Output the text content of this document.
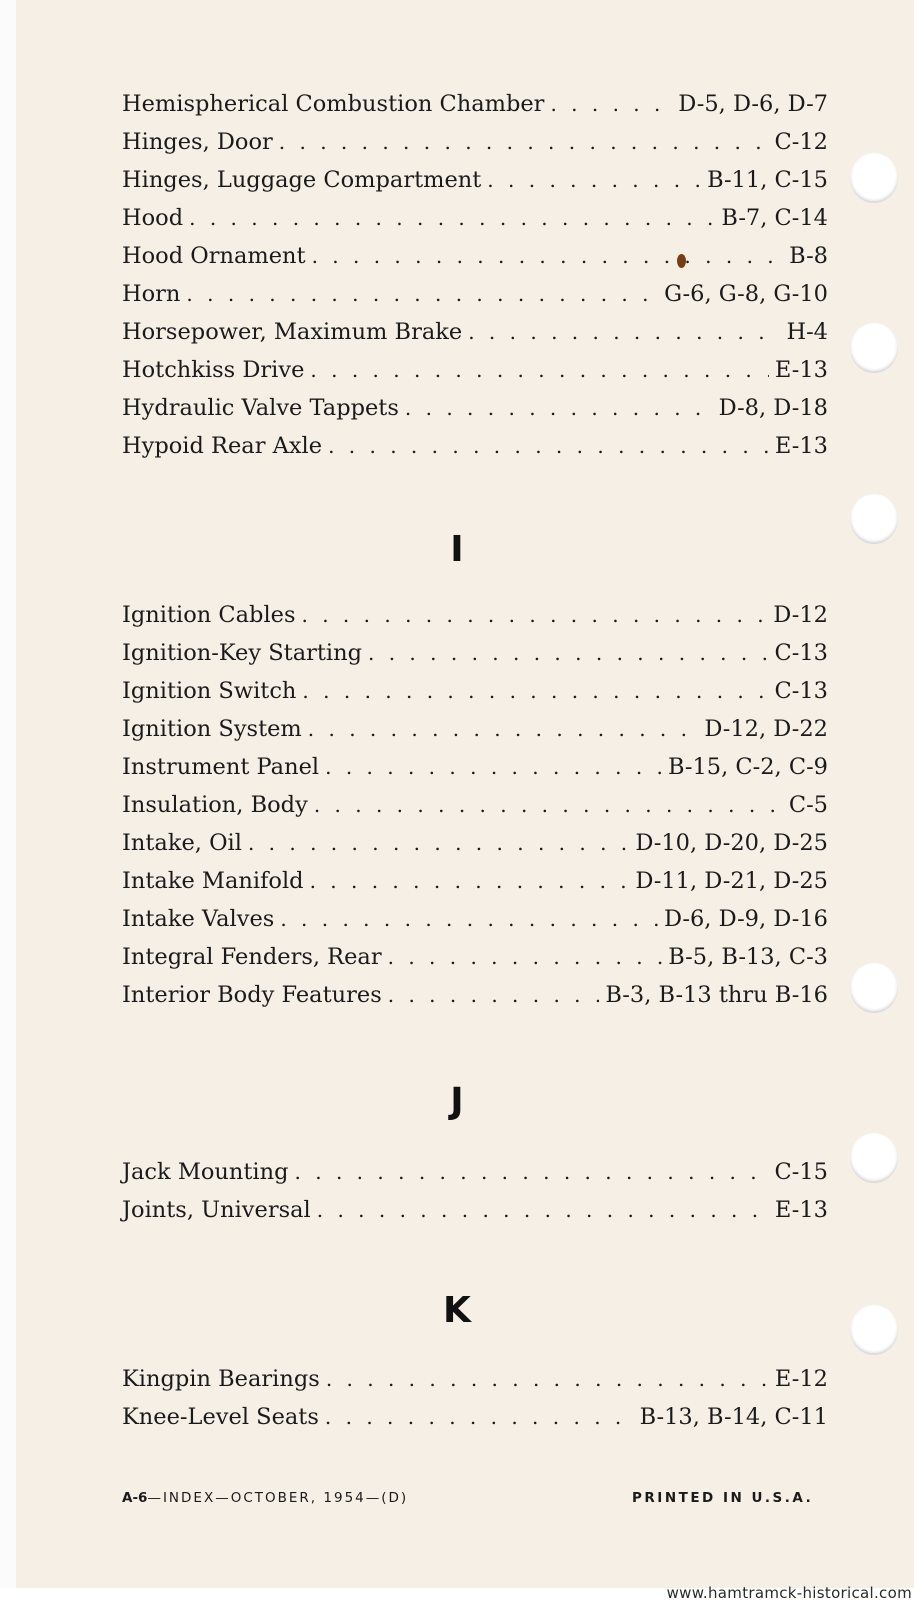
Hemispherical Combustion Chamber . . .	D-5, D-6, D-7
Hinges, Door . . .	C-12
Hinges, Luggage Compartment . . .	B-11, C-15
Hood . . .	B-7, C-14
Hood Ornament . . .	B-8
Horn . . .	G-6, G-8, G-10
Horsepower, Maximum Brake . . .	H-4
Hotchkiss Drive . . .	E-13
Hydraulic Valve Tappets . . .	D-8, D-18
Hypoid Rear Axle . . .	E-13
I
Ignition Cables . . .	D-12
Ignition-Key Starting . . .	C-13
Ignition Switch . . .	C-13
Ignition System . . .	D-12, D-22
Instrument Panel . . .	B-15, C-2, C-9
Insulation, Body . . .	C-5
Intake, Oil . . .	D-10, D-20, D-25
Intake Manifold . . .	D-11, D-21, D-25
Intake Valves . . .	D-6, D-9, D-16
Integral Fenders, Rear . . .	B-5, B-13, C-3
Interior Body Features . . .	B-3, B-13 thru B-16
J
Jack Mounting . . .	C-15
Joints, Universal . . .	E-13
K
Kingpin Bearings . . .	E-12
Knee-Level Seats . . .	B-13, B-14, C-11
A-6—INDEX—OCTOBER, 1954—(D)	PRINTED IN U.S.A.
www.hamtramck-historical.com
